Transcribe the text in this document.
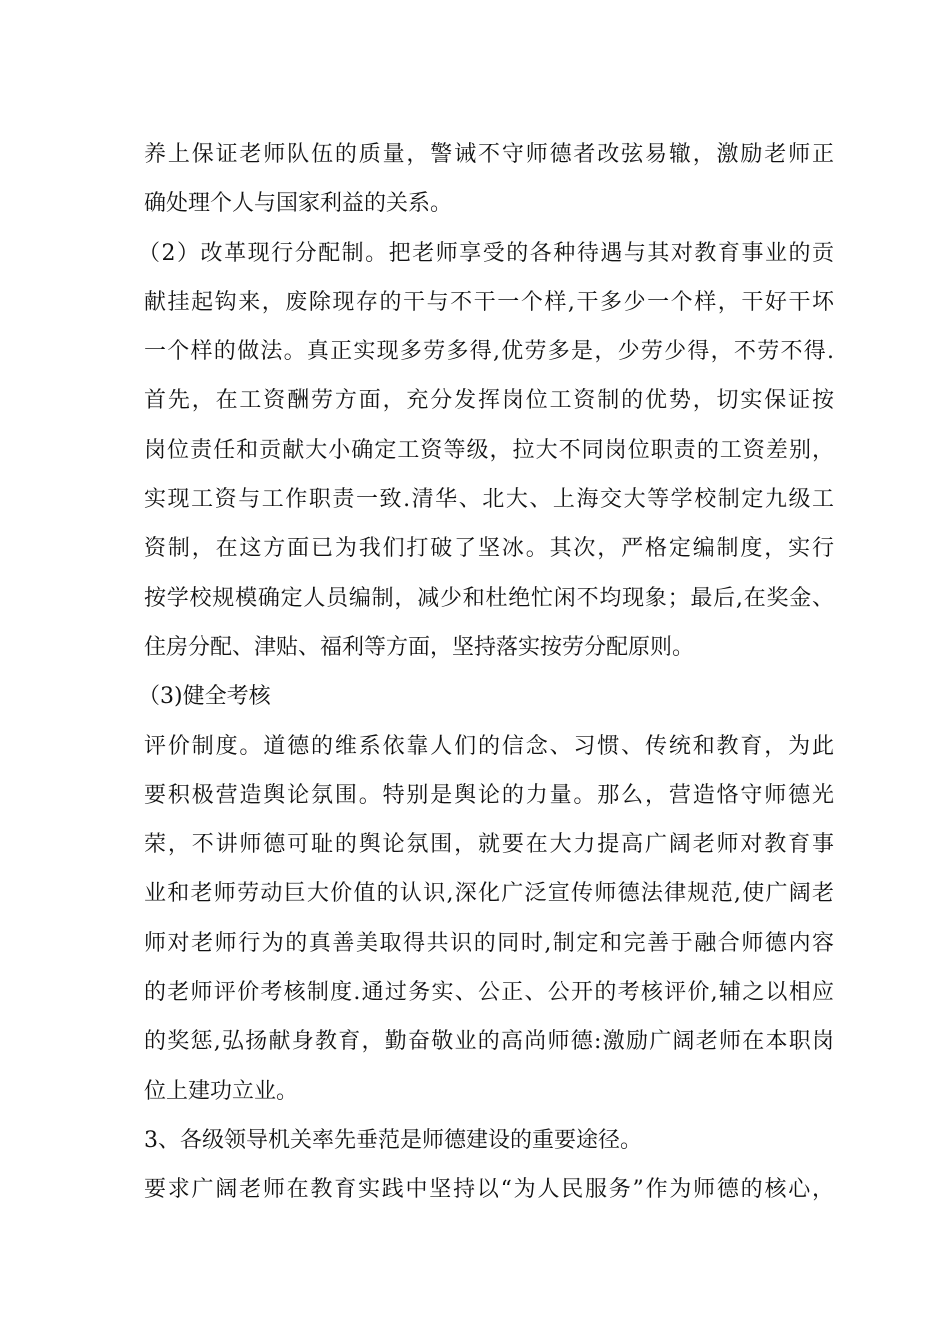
养上保证老师队伍的质量，警诫不守师德者改弦易辙，激励老师正
确处理个人与国家利益的关系。
（2）改革现行分配制。把老师享受的各种待遇与其对教育事业的贡
献挂起钩来，废除现存的干与不干一个样,干多少一个样，干好干坏
一个样的做法。真正实现多劳多得,优劳多是，少劳少得，不劳不得.
首先，在工资酬劳方面，充分发挥岗位工资制的优势，切实保证按
岗位责任和贡献大小确定工资等级，拉大不同岗位职责的工资差别，
实现工资与工作职责一致.清华、北大、上海交大等学校制定九级工
资制，在这方面已为我们打破了坚冰。其次，严格定编制度，实行
按学校规模确定人员编制，减少和杜绝忙闲不均现象；最后,在奖金、
住房分配、津贴、福利等方面，坚持落实按劳分配原则。
（3)健全考核
评价制度。道德的维系依靠人们的信念、习惯、传统和教育，为此
要积极营造舆论氛围。特别是舆论的力量。那么，营造恪守师德光
荣，不讲师德可耻的舆论氛围，就要在大力提高广阔老师对教育事
业和老师劳动巨大价值的认识,深化广泛宣传师德法律规范,使广阔老
师对老师行为的真善美取得共识的同时,制定和完善于融合师德内容
的老师评价考核制度.通过务实、公正、公开的考核评价,辅之以相应
的奖惩,弘扬献身教育，勤奋敬业的高尚师德:激励广阔老师在本职岗
位上建功立业。
3、各级领导机关率先垂范是师德建设的重要途径。
要求广阔老师在教育实践中坚持以“为人民服务”作为师德的核心，
